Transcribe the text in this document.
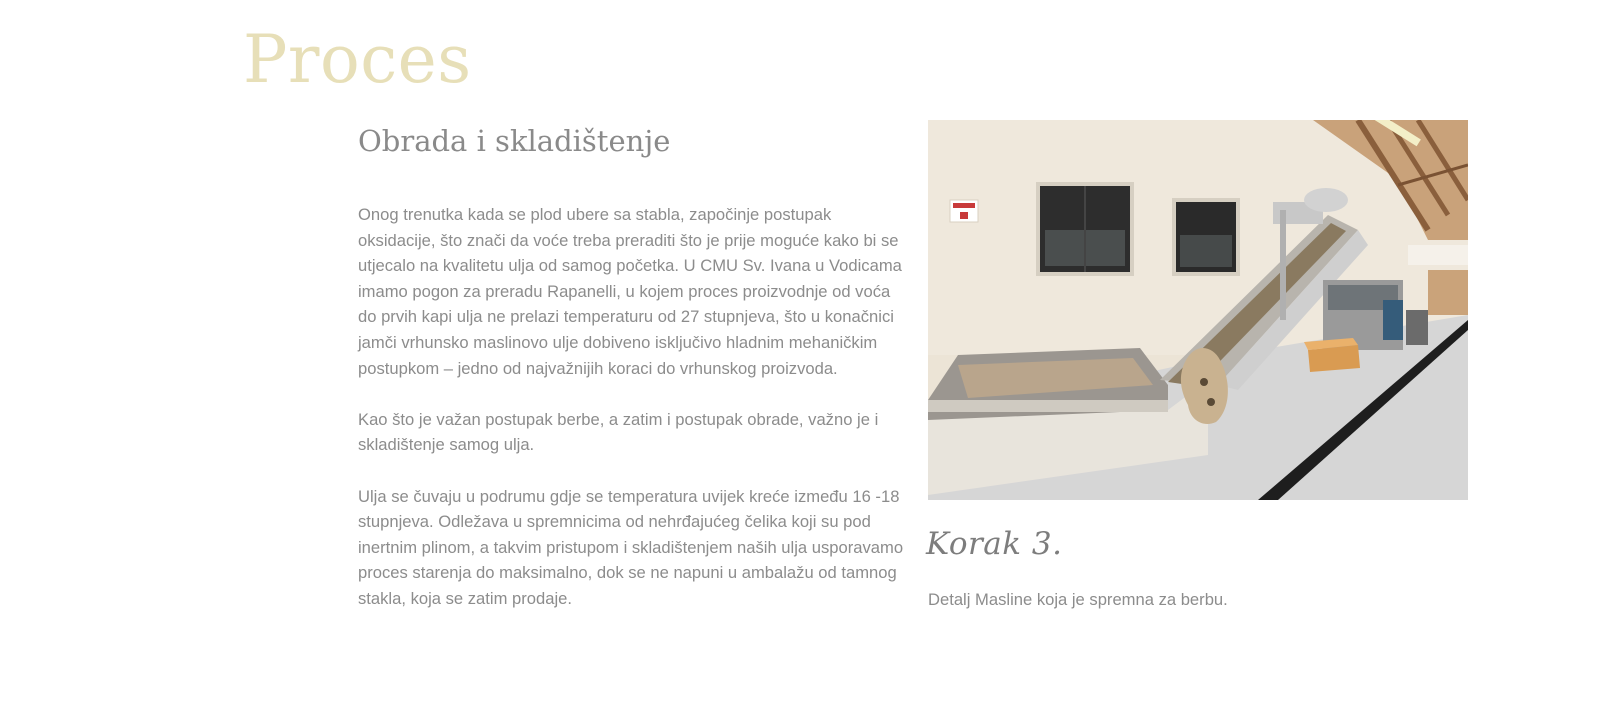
Proces
Obrada i skladištenje

Onog trenutka kada se plod ubere sa stabla, započinje postupak oksidacije, što znači da voće treba preraditi što je prije moguće kako bi se utjecalo na kvalitetu ulja od samog početka. U CMU Sv. Ivana u Vodicama imamo pogon za preradu Rapanelli, u kojem proces proizvodnje od voća do prvih kapi ulja ne prelazi temperaturu od 27 stupnjeva, što u konačnici jamči vrhunsko maslinovo ulje dobiveno isključivo hladnim mehaničkim postupkom – jedno od najvažnijih koraci do vrhunskog proizvoda.

Kao što je važan postupak berbe, a zatim i postupak obrade, važno je i skladištenje samog ulja.

Ulja se čuvaju u podrumu gdje se temperatura uvijek kreće između 16 -18 stupnjeva. Odležava u spremnicima od nehrđajućeg čelika koji su pod inertnim plinom, a takvim pristupom i skladištenjem naših ulja usporavamo proces starenja do maksimalno, dok se ne napuni u ambalažu od tamnog stakla, koja se zatim prodaje.

Korak 3.
Detalj Masline koja je spremna za berbu.
